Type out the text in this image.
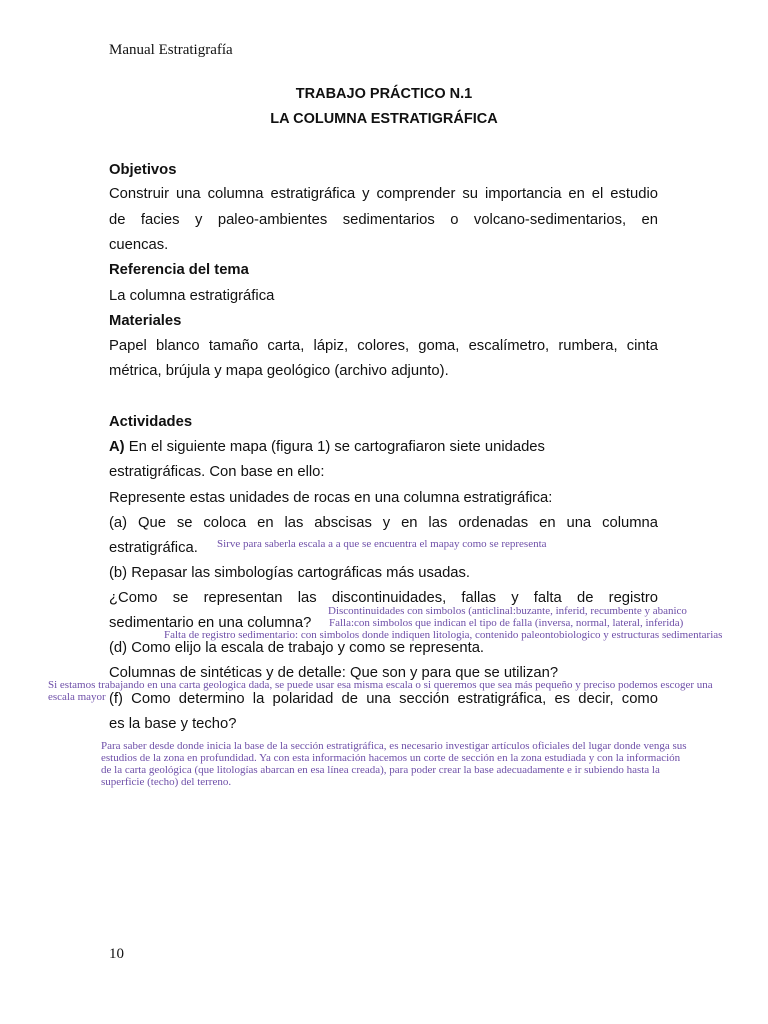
Manual Estratigrafía
TRABAJO PRÁCTICO N.1
LA COLUMNA ESTRATIGRÁFICA
Objetivos
Construir una columna estratigráfica y comprender su importancia en el estudio
de facies y paleo-ambientes sedimentarios o volcano-sedimentarios, en
cuencas.
Referencia del tema
La columna estratigráfica
Materiales
Papel blanco tamaño carta, lápiz, colores, goma, escalímetro, rumbera, cinta
métrica, brújula y mapa geológico (archivo adjunto).
Actividades
A) En el siguiente mapa (figura 1) se cartografiaron siete unidades
estratigráficas. Con base en ello:
Represente estas unidades de rocas en una columna estratigráfica:
(a) Que se coloca en las abscisas y en las ordenadas en una columna
estratigráfica.	Sirve para saberla escala a a que se encuentra el mapay como se representa
(b) Repasar las simbologías cartográficas más usadas.
¿Como se representan las discontinuidades, fallas y falta de registro
Discontinuidades con simbolos (anticlinal:buzante, inferid, recumbente y abanico
sedimentario en una columna?	Falla:con simbolos que indican el tipo de falla (inversa, normal, lateral, inferida)
Falta de registro sedimentario: con simbolos donde indiquen litologia, contenido paleontobiologico y estructuras sedimentarias
(d) Como elijo la escala de trabajo y como se representa.
Columnas de sintéticas y de detalle: Que son y para que se utilizan?
Si estamos trabajando en una carta geologica dada, se puede usar esa misma escala o si queremos que sea más pequeño y preciso podemos escoger una
escala mayor (f) Como determino la polaridad de una sección estratigráfica, es decir, como
es la base y techo?
Para saber desde donde inicia la base de la sección estratigráfica, es necesario investigar artículos oficiales del lugar donde venga sus
estudios de la zona en profundidad. Ya con esta información hacemos un corte de sección en la zona estudiada y con la información
de la carta geológica (que litologías abarcan en esa línea creada), para poder crear la base adecuadamente e ir subiendo hasta la
superficie (techo) del terreno.
10
